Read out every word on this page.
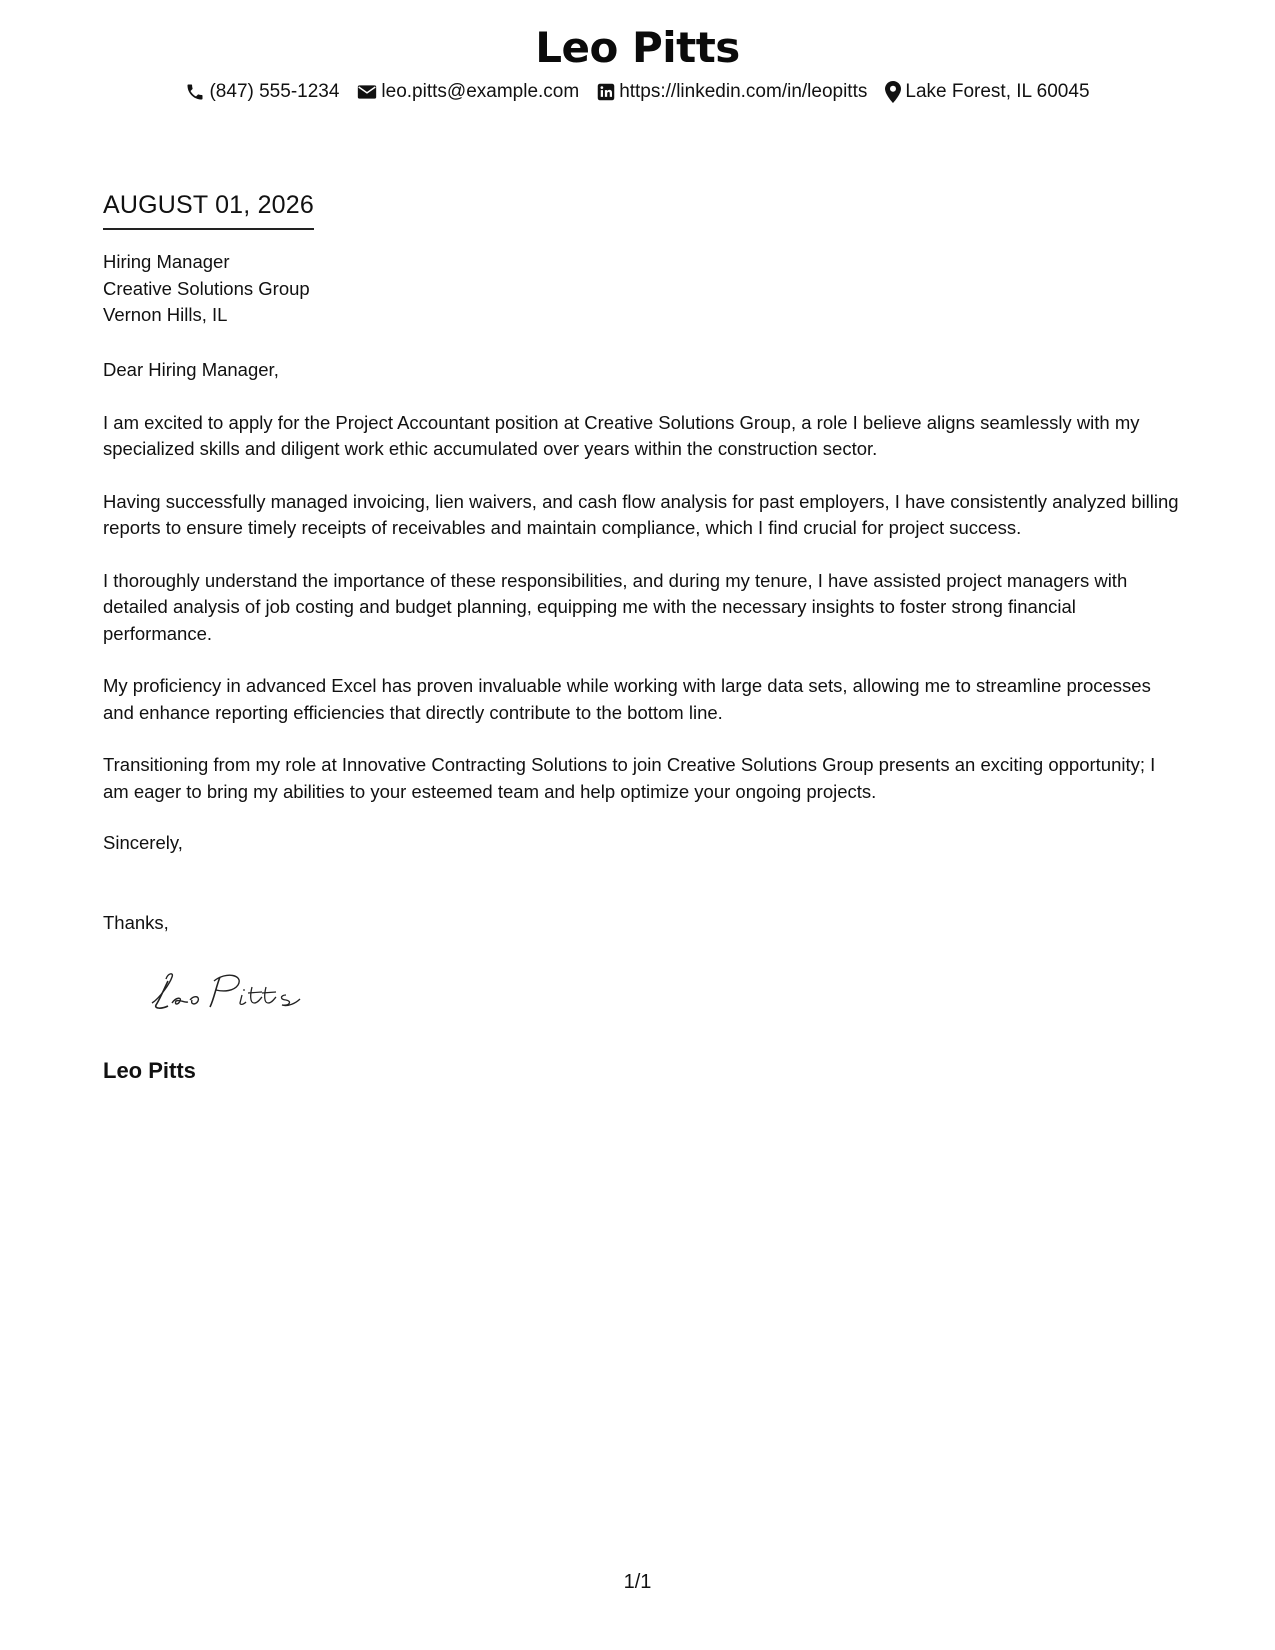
Leo Pitts
(847) 555-1234 leo.pitts@example.com https://linkedin.com/in/leopitts Lake Forest, IL 60045
AUGUST 01, 2026
Hiring Manager
Creative Solutions Group
Vernon Hills, IL

Dear Hiring Manager,

I am excited to apply for the Project Accountant position at Creative Solutions Group, a role I believe aligns seamlessly with my specialized skills and diligent work ethic accumulated over years within the construction sector.

Having successfully managed invoicing, lien waivers, and cash flow analysis for past employers, I have consistently analyzed billing reports to ensure timely receipts of receivables and maintain compliance, which I find crucial for project success.

I thoroughly understand the importance of these responsibilities, and during my tenure, I have assisted project managers with detailed analysis of job costing and budget planning, equipping me with the necessary insights to foster strong financial performance.

My proficiency in advanced Excel has proven invaluable while working with large data sets, allowing me to streamline processes and enhance reporting efficiencies that directly contribute to the bottom line.

Transitioning from my role at Innovative Contracting Solutions to join Creative Solutions Group presents an exciting opportunity; I am eager to bring my abilities to your esteemed team and help optimize your ongoing projects.

Sincerely,
Thanks,
Leo Pitts
1/1
